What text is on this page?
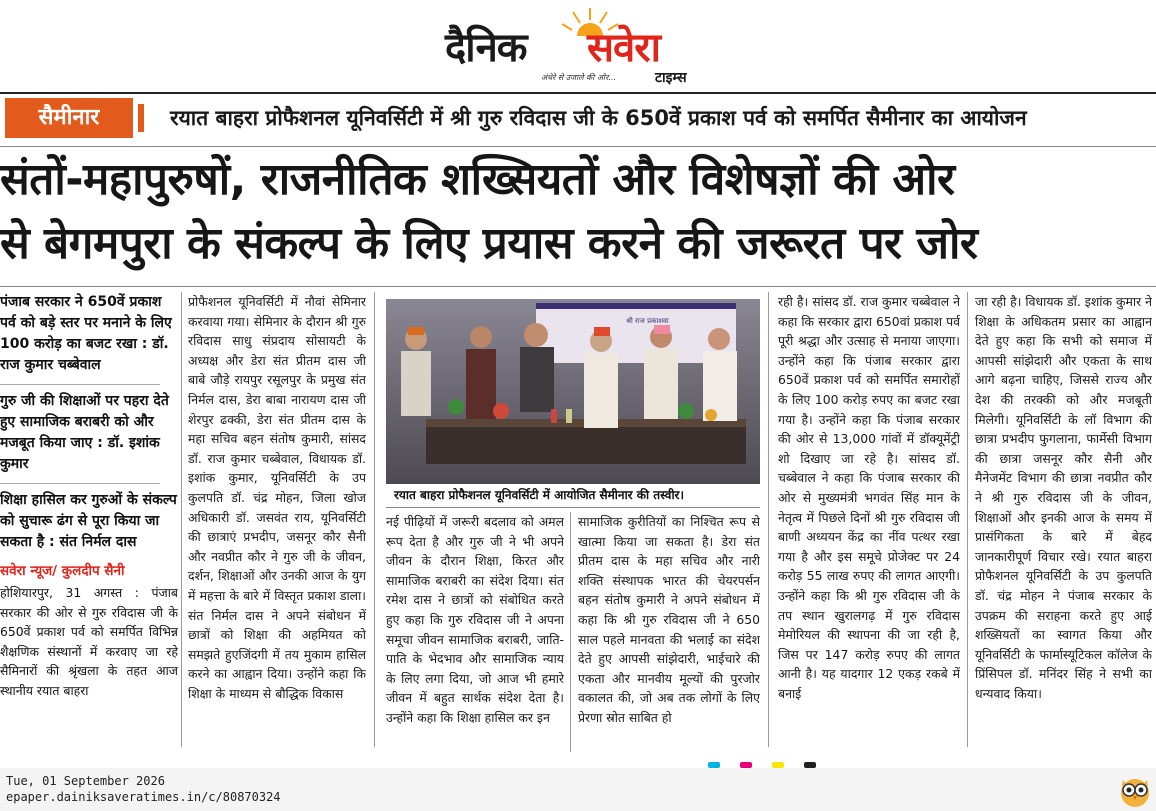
दैनिक सवेरा
अंधेरे से उजाले की ओर...	टाइम्स
सैमीनार	रयात बाहरा प्रोफैशनल यूनिवर्सिटी में श्री गुरु रविदास जी के 650वें प्रकाश पर्व को समर्पित सैमीनार का आयोजन
संतों-महापुरुषों, राजनीतिक शख्सियतों और विशेषज्ञों की ओर
से बेगमपुरा के संकल्प के लिए प्रयास करने की जरूरत पर जोर
पंजाब सरकार ने 650वें प्रकाश पर्व को बड़े स्तर पर मनाने के लिए 100 करोड़ का बजट रखा : डॉ. राज कुमार चब्बेवाल
गुरु जी की शिक्षाओं पर पहरा देते हुए सामाजिक बराबरी को और मजबूत किया जाए : डॉ. इशांक कुमार
शिक्षा हासिल कर गुरुओं के संकल्प को सुचारू ढंग से पूरा किया जा सकता है : संत निर्मल दास
सवेरा न्यूज/ कुलदीप सैनी
होशियारपुर, 31 अगस्त : पंजाब सरकार की ओर से गुरु रविदास जी के 650वें प्रकाश पर्व को समर्पित विभिन्न शैक्षणिक संस्थानों में करवाए जा रहे सैमिनारों की श्रृंखला के तहत आज स्थानीय रयात बाहरा

प्रोफैशनल यूनिवर्सिटी में नौवां सेमिनार करवाया गया। सेमिनार के दौरान श्री गुरु रविदास साधु संप्रदाय सोसायटी के अध्यक्ष और डेरा संत प्रीतम दास जी बाबे जौड़े रायपुर रसूलपुर के प्रमुख संत निर्मल दास, डेरा बाबा नारायण दास जी शेरपुर ढक्की, डेरा संत प्रीतम दास के महा सचिव बहन संतोष कुमारी, सांसद डॉ. राज कुमार चब्बेवाल, विधायक डॉ. इशांक कुमार, यूनिवर्सिटी के उप कुलपति डॉ. चंद्र मोहन, जिला खोज अधिकारी डॉ. जसवंत राय, यूनिवर्सिटी की छात्राएं प्रभदीप, जसनूर कौर सैनी और नवप्रीत कौर ने गुरु जी के जीवन, दर्शन, शिक्षाओं और उनकी आज के युग में महत्ता के बारे में विस्तृत प्रकाश डाला। संत निर्मल दास ने अपने संबोधन में छात्रों को शिक्षा की अहमियत को समझते हुएजिंदगी में तय मुकाम हासिल करने का आह्वान दिया। उन्होंने कहा कि शिक्षा के माध्यम से बौद्धिक विकास

श्री राज प्रकाशवा
रयात बाहरा प्रोफैशनल यूनिवर्सिटी में आयोजित सैमीनार की तस्वीर।

नई पीढ़ियों में जरूरी बदलाव को अमल रूप देता है और गुरु जी ने भी अपने जीवन के दौरान शिक्षा, किरत और सामाजिक बराबरी का संदेश दिया। संत रमेश दास ने छात्रों को संबोधित करते हुए कहा कि गुरु रविदास जी ने अपना समूचा जीवन सामाजिक बराबरी, जाति-पाति के भेदभाव और सामाजिक न्याय के लिए लगा दिया, जो आज भी हमारे जीवन में बहुत सार्थक संदेश देता है। उन्होंने कहा कि शिक्षा हासिल कर इन

सामाजिक कुरीतियों का निश्चित रूप से खात्मा किया जा सकता है। डेरा संत प्रीतम दास के महा सचिव और नारी शक्ति संस्थापक भारत की चेयरपर्सन बहन संतोष कुमारी ने अपने संबोधन में कहा कि श्री गुरु रविदास जी ने 650 साल पहले मानवता की भलाई का संदेश देते हुए आपसी सांझेदारी, भाईचारे की एकता और मानवीय मूल्यों की पुरजोर वकालत की, जो अब तक लोगों के लिए प्रेरणा स्रोत साबित हो

रही है। सांसद डॉ. राज कुमार चब्बेवाल ने कहा कि सरकार द्वारा 650वां प्रकाश पर्व पूरी श्रद्धा और उत्साह से मनाया जाएगा। उन्होंने कहा कि पंजाब सरकार द्वारा 650वें प्रकाश पर्व को समर्पित समारोहों के लिए 100 करोड़ रुपए का बजट रखा गया है। उन्होंने कहा कि पंजाब सरकार की ओर से 13,000 गांवों में डॉक्यूमेंट्री शो दिखाए जा रहे है। सांसद डॉ. चब्बेवाल ने कहा कि पंजाब सरकार की ओर से मुख्यमंत्री भगवंत सिंह मान के नेतृत्व में पिछले दिनों श्री गुरु रविदास जी बाणी अध्ययन केंद्र का नींव पत्थर रखा गया है और इस समूचे प्रोजेक्ट पर 24 करोड़ 55 लाख रुपए की लागत आएगी। उन्होंने कहा कि श्री गुरु रविदास जी के तप स्थान खुरालगढ़ में गुरु रविदास मेमोरियल की स्थापना की जा रही है, जिस पर 147 करोड़ रुपए की लागत आनी है। यह यादगार 12 एकड़ रकबे में बनाई

जा रही है। विधायक डॉ. इशांक कुमार ने शिक्षा के अधिकतम प्रसार का आह्वान देते हुए कहा कि सभी को समाज में आपसी सांझेदारी और एकता के साथ आगे बढ़ना चाहिए, जिससे राज्य और देश की तरक्की को और मजबूती मिलेगी। यूनिवर्सिटी के लॉ विभाग की छात्रा प्रभदीप फुगलाना, फार्मेसी विभाग की छात्रा जसनूर कौर सैनी और मैनेजमेंट विभाग की छात्रा नवप्रीत कौर ने श्री गुरु रविदास जी के जीवन, शिक्षाओं और इनकी आज के समय में प्रासंगिकता के बारे में बेहद जानकारीपूर्ण विचार रखे। रयात बाहरा प्रोफैशनल यूनिवर्सिटी के उप कुलपति डॉ. चंद्र मोहन ने पंजाब सरकार के उपक्रम की सराहना करते हुए आई शख्सियतों का स्वागत किया और यूनिवर्सिटी के फार्मास्यूटिकल कॉलेज के प्रिंसिपल डॉ. मनिंदर सिंह ने सभी का धन्यवाद किया।

Tue, 01 September 2026
epaper.dainiksaveratimes.in/c/80870324
